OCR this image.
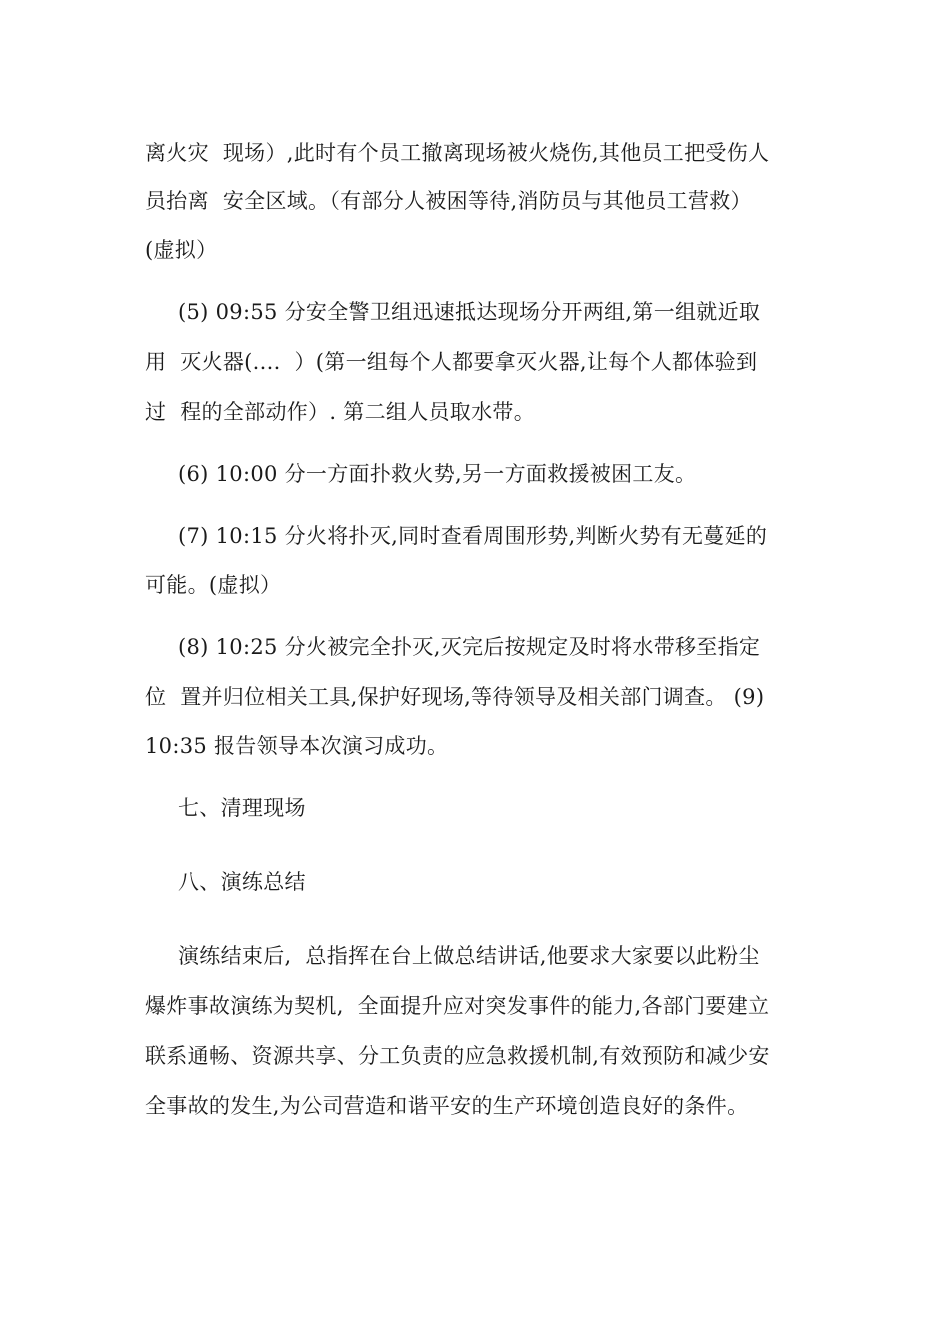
离火灾  现场）,此时有个员工撤离现场被火烧伤,其他员工把受伤人
员抬离  安全区域。（有部分人被困等待,消防员与其他员工营救）
(虚拟）
(5) 09:55 分安全警卫组迅速抵达现场分开两组,第一组就近取
用  灭火器(....  ）(第一组每个人都要拿灭火器,让每个人都体验到
过  程的全部动作）. 第二组人员取水带。
(6) 10:00 分一方面扑救火势,另一方面救援被困工友。
(7) 10:15 分火将扑灭,同时查看周围形势,判断火势有无蔓延的
可能。(虚拟）
(8) 10:25 分火被完全扑灭,灭完后按规定及时将水带移至指定
位  置并归位相关工具,保护好现场,等待领导及相关部门调查。 (9)
10:35 报告领导本次演习成功。
七、清理现场
八、演练总结
演练结束后,  总指挥在台上做总结讲话,他要求大家要以此粉尘
爆炸事故演练为契机,  全面提升应对突发事件的能力,各部门要建立
联系通畅、资源共享、分工负责的应急救援机制,有效预防和减少安
全事故的发生,为公司营造和谐平安的生产环境创造良好的条件。
